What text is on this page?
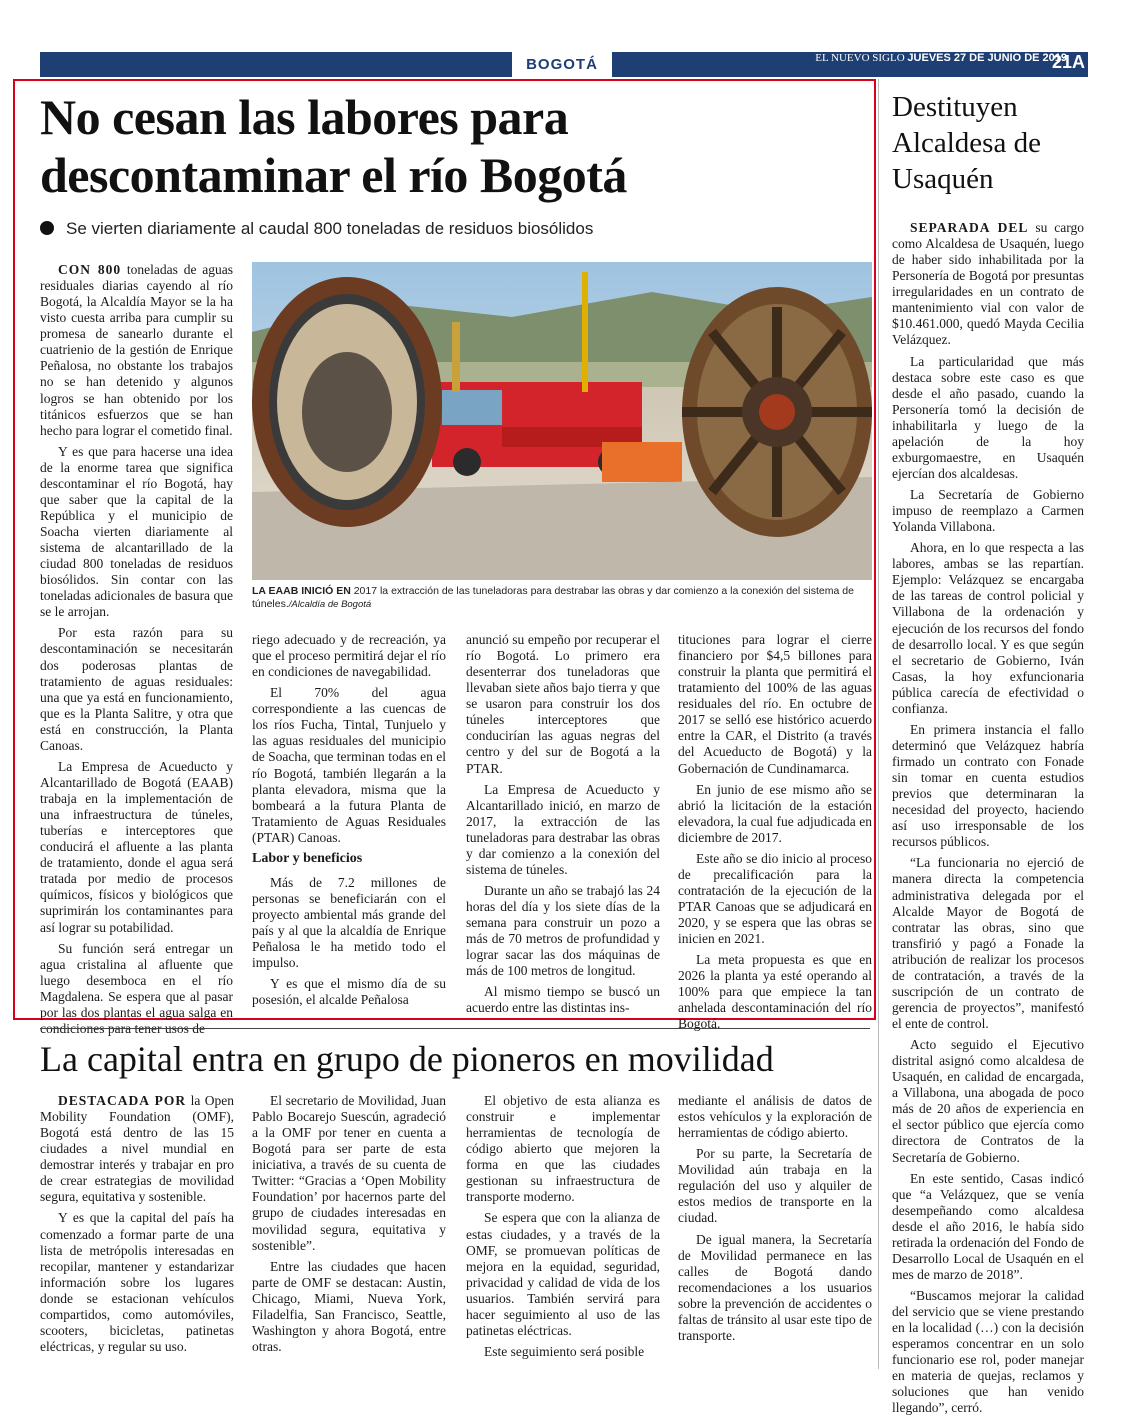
BOGOTÁ	EL NUEVO SIGLO JUEVES 27 DE JUNIO DE 2019
21A
No cesan las labores para descontaminar el río Bogotá
Se vierten diariamente al caudal 800 toneladas de residuos biosólidos

CON 800 toneladas de aguas residuales diarias cayendo al río Bogotá, la Alcaldía Mayor se la ha visto cuesta arriba para cumplir su promesa de sanearlo durante el cuatrienio de la gestión de Enrique Peñalosa, no obstante los trabajos no se han detenido y algunos logros se han obtenido por los titánicos esfuerzos que se han hecho para lograr el cometido final.

Y es que para hacerse una idea de la enorme tarea que significa descontaminar el río Bogotá, hay que saber que la capital de la República y el municipio de Soacha vierten diariamente al sistema de alcantarillado de la ciudad 800 toneladas de residuos biosólidos. Sin contar con las toneladas adicionales de basura que se le arrojan.

Por esta razón para su descontaminación se necesitarán dos poderosas plantas de tratamiento de aguas residuales: una que ya está en funcionamiento, que es la Planta Salitre, y otra que está en construcción, la Planta Canoas.

La Empresa de Acueducto y Alcantarillado de Bogotá (EAAB) trabaja en la implementación de una infraestructura de túneles, tuberías e interceptores que conducirá el afluente a las planta de tratamiento, donde el agua será tratada por medio de procesos químicos, físicos y biológicos que suprimirán los contaminantes para así lograr su potabilidad.

Su función será entregar un agua cristalina al afluente que luego desemboca en el río Magdalena. Se espera que al pasar por las dos plantas el agua salga en condiciones para tener usos de

LA EAAB INICIÓ EN 2017 la extracción de las tuneladoras para destrabar las obras y dar comienzo a la conexión del sistema de túneles./Alcaldía de Bogotá

riego adecuado y de recreación, ya que el proceso permitirá dejar el río en condiciones de navegabilidad.

El 70% del agua correspondiente a las cuencas de los ríos Fucha, Tintal, Tunjuelo y las aguas residuales del municipio de Soacha, que terminan todas en el río Bogotá, también llegarán a la planta elevadora, misma que la bombeará a la futura Planta de Tratamiento de Aguas Residuales (PTAR) Canoas.

Labor y beneficios

Más de 7.2 millones de personas se beneficiarán con el proyecto ambiental más grande del país y al que la alcaldía de Enrique Peñalosa le ha metido todo el impulso.

Y es que el mismo día de su posesión, el alcalde Peñalosa

anunció su empeño por recuperar el río Bogotá. Lo primero era desenterrar dos tuneladoras que llevaban siete años bajo tierra y que se usaron para construir los dos túneles interceptores que conducirían las aguas negras del centro y del sur de Bogotá a la PTAR.

La Empresa de Acueducto y Alcantarillado inició, en marzo de 2017, la extracción de las tuneladoras para destrabar las obras y dar comienzo a la conexión del sistema de túneles.

Durante un año se trabajó las 24 horas del día y los siete días de la semana para construir un pozo a más de 70 metros de profundidad y lograr sacar las dos máquinas de más de 100 metros de longitud.

Al mismo tiempo se buscó un acuerdo entre las distintas ins-

tituciones para lograr el cierre financiero por $4,5 billones para construir la planta que permitirá el tratamiento del 100% de las aguas residuales del río. En octubre de 2017 se selló ese histórico acuerdo entre la CAR, el Distrito (a través del Acueducto de Bogotá) y la Gobernación de Cundinamarca.

En junio de ese mismo año se abrió la licitación de la estación elevadora, la cual fue adjudicada en diciembre de 2017.

Este año se dio inicio al proceso de precalificación para la contratación de la ejecución de la PTAR Canoas que se adjudicará en 2020, y se espera que las obras se inicien en 2021.

La meta propuesta es que en 2026 la planta ya esté operando al 100% para que empiece la tan anhelada descontaminación del río Bogotá.

La capital entra en grupo de pioneros en movilidad

DESTACADA POR la Open Mobility Foundation (OMF), Bogotá está dentro de las 15 ciudades a nivel mundial en demostrar interés y trabajar en pro de crear estrategias de movilidad segura, equitativa y sostenible.

Y es que la capital del país ha comenzado a formar parte de una lista de metrópolis interesadas en recopilar, mantener y estandarizar información sobre los lugares donde se estacionan vehículos compartidos, como automóviles, scooters, bicicletas, patinetas eléctricas, y regular su uso.

El secretario de Movilidad, Juan Pablo Bocarejo Suescún, agradeció a la OMF por tener en cuenta a Bogotá para ser parte de esta iniciativa, a través de su cuenta de Twitter: “Gracias a ‘Open Mobility Foundation’ por hacernos parte del grupo de ciudades interesadas en movilidad segura, equitativa y sostenible”.

Entre las ciudades que hacen parte de OMF se destacan: Austin, Chicago, Miami, Nueva York, Filadelfia, San Francisco, Seattle, Washington y ahora Bogotá, entre otras.

El objetivo de esta alianza es construir e implementar herramientas de tecnología de código abierto que mejoren la forma en que las ciudades gestionan su infraestructura de transporte moderno.

Se espera que con la alianza de estas ciudades, y a través de la OMF, se promuevan políticas de mejora en la equidad, seguridad, privacidad y calidad de vida de los usuarios. También servirá para hacer seguimiento al uso de las patinetas eléctricas.

Este seguimiento será posible

mediante el análisis de datos de estos vehículos y la exploración de herramientas de código abierto.

Por su parte, la Secretaría de Movilidad aún trabaja en la regulación del uso y alquiler de estos medios de transporte en la ciudad.

De igual manera, la Secretaría de Movilidad permanece en las calles de Bogotá dando recomendaciones a los usuarios sobre la prevención de accidentes o faltas de tránsito al usar este tipo de transporte.

Destituyen Alcaldesa de Usaquén

SEPARADA DEL su cargo como Alcaldesa de Usaquén, luego de haber sido inhabilitada por la Personería de Bogotá por presuntas irregularidades en un contrato de mantenimiento vial con valor de $10.461.000, quedó Mayda Cecilia Velázquez.

La particularidad que más destaca sobre este caso es que desde el año pasado, cuando la Personería tomó la decisión de inhabilitarla y luego de la apelación de la hoy exburgomaestre, en Usaquén ejercían dos alcaldesas.

La Secretaría de Gobierno impuso de reemplazo a Carmen Yolanda Villabona.

Ahora, en lo que respecta a las labores, ambas se las repartían. Ejemplo: Velázquez se encargaba de las tareas de control policial y Villabona de la ordenación y ejecución de los recursos del fondo de desarrollo local. Y es que según el secretario de Gobierno, Iván Casas, la hoy exfuncionaria pública carecía de efectividad o confianza.

En primera instancia el fallo determinó que Velázquez habría firmado un contrato con Fonade sin tomar en cuenta estudios previos que determinaran la necesidad del proyecto, haciendo así uso irresponsable de los recursos públicos.

“La funcionaria no ejerció de manera directa la competencia administrativa delegada por el Alcalde Mayor de Bogotá de contratar las obras, sino que transfirió y pagó a Fonade la atribución de realizar los procesos de contratación, a través de la suscripción de un contrato de gerencia de proyectos”, manifestó el ente de control.

Acto seguido el Ejecutivo distrital asignó como alcaldesa de Usaquén, en calidad de encargada, a Villabona, una abogada de poco más de 20 años de experiencia en el sector público que ejercía como directora de Contratos de la Secretaría de Gobierno.

En este sentido, Casas indicó que “a Velázquez, que se venía desempeñando como alcaldesa desde el año 2016, le había sido retirada la ordenación del Fondo de Desarrollo Local de Usaquén en el mes de marzo de 2018”.

“Buscamos mejorar la calidad del servicio que se viene prestando en la localidad (…) con la decisión esperamos concentrar en un solo funcionario ese rol, poder manejar en materia de quejas, reclamos y soluciones que han venido llegando”, cerró.
